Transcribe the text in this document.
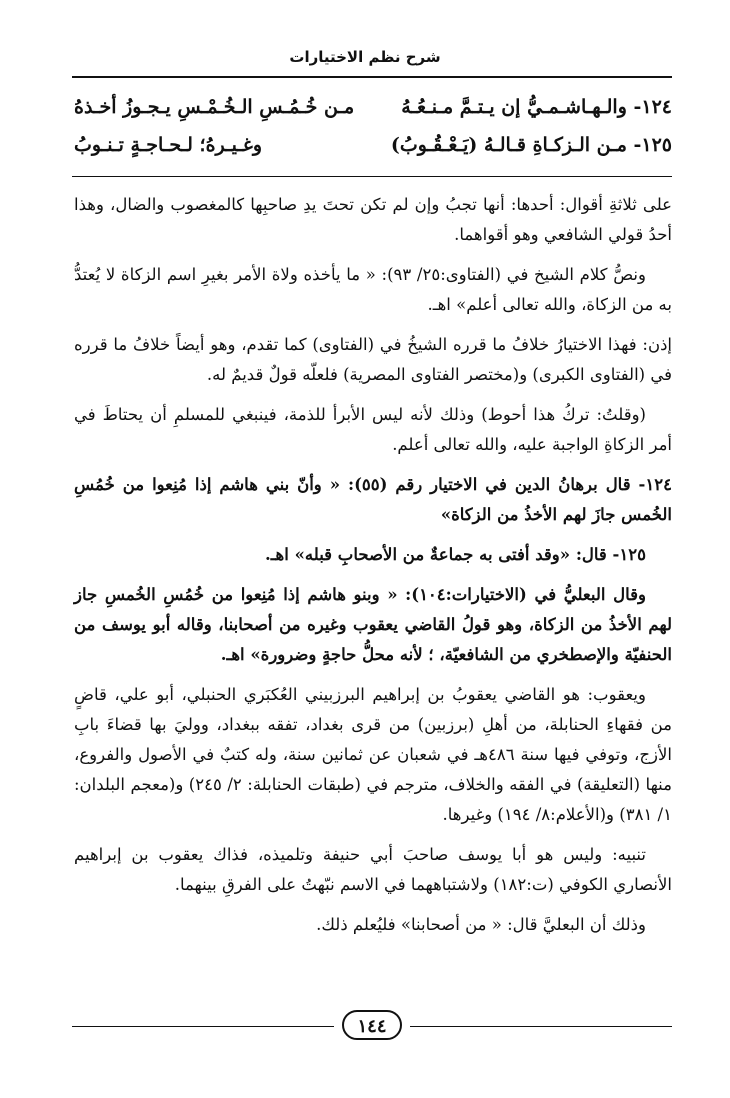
شرح نظم الاختيارات
١٢٤- والـهـاشـمـيُّ إن يـتـمَّ مـنـعُـهُ
مـن خُـمُـسِ الـخُـمْـسِ يـجـوزُ أخـذهُ
١٢٥- مـن الـزكـاةِ قـالـهُ (يَـعْـقُـوبُ)
وغـيـرهُ؛ لـحـاجـةٍ تـنـوبُ

على ثلاثةِ أقوال: أحدها: أنها تجبُ وإن لم تكن تحتَ يدِ صاحبِها كالمغصوب والضال، وهذا أحدُ قولي الشافعي وهو أقواهما.

ونصُّ كلام الشيخ في (الفتاوى:٢٥/ ٩٣): « ما يأخذه ولاة الأمر بغيرِ اسم الزكاة لا يُعتدُّ به من الزكاة، والله تعالى أعلم» اهـ.

إذن: فهذا الاختيارُ خلافُ ما قرره الشيخُ في (الفتاوى) كما تقدم، وهو أيضاً خلافُ ما قرره في (الفتاوى الكبرى) و(مختصر الفتاوى المصرية) فلعلّه قولٌ قديمٌ له.

(وقلتُ: تركُ هذا أحوط) وذلك لأنه ليس الأبرأ للذمة، فينبغي للمسلمِ أن يحتاطَ في أمر الزكاةِ الواجبة عليه، والله تعالى أعلم.

١٢٤- قال برهانُ الدين في الاختيار رقم (٥٥): « وأنّ بني هاشم إذا مُنِعوا من خُمُسِ الخُمس جازَ لهم الأخذُ من الزكاة»

١٢٥- قال: «وقد أفتى به جماعةٌ من الأصحابِ قبله» اهـ.

وقال البعليُّ في (الاختيارات:١٠٤): « وبنو هاشم إذا مُنِعوا من خُمُسِ الخُمسِ جاز لهم الأخذُ من الزكاة، وهو قولُ القاضي يعقوب وغيره من أصحابنا، وقاله أبو يوسف من الحنفيّة والإصطخري من الشافعيّة، ؛ لأنه محلُّ حاجةٍ وضرورة» اهـ.

ويعقوب: هو القاضي يعقوبُ بن إبراهيم البرزبيني العُكبَري الحنبلي، أبو علي، قاضٍ من فقهاءِ الحنابلة، من أهلِ (برزبين) من قرى بغداد، تفقه ببغداد، ووليَ بها قضاءَ بابِ الأزج، وتوفي فيها سنة ٤٨٦هـ في شعبان عن ثمانين سنة، وله كتبٌ في الأصول والفروع، منها (التعليقة) في الفقه والخلاف، مترجم في (طبقات الحنابلة: ٢/ ٢٤٥) و(معجم البلدان: ١/ ٣٨١) و(الأعلام:٨/ ١٩٤) وغيرها.

تنبيه: وليس هو أبا يوسف صاحبَ أبي حنيفة وتلميذه، فذاك يعقوب بن إبراهيم الأنصاري الكوفي (ت:١٨٢) ولاشتباههما في الاسم نبّهتُ على الفرقِ بينهما.

وذلك أن البعليَّ قال: « من أصحابنا» فليُعلم ذلك.

١٤٤
